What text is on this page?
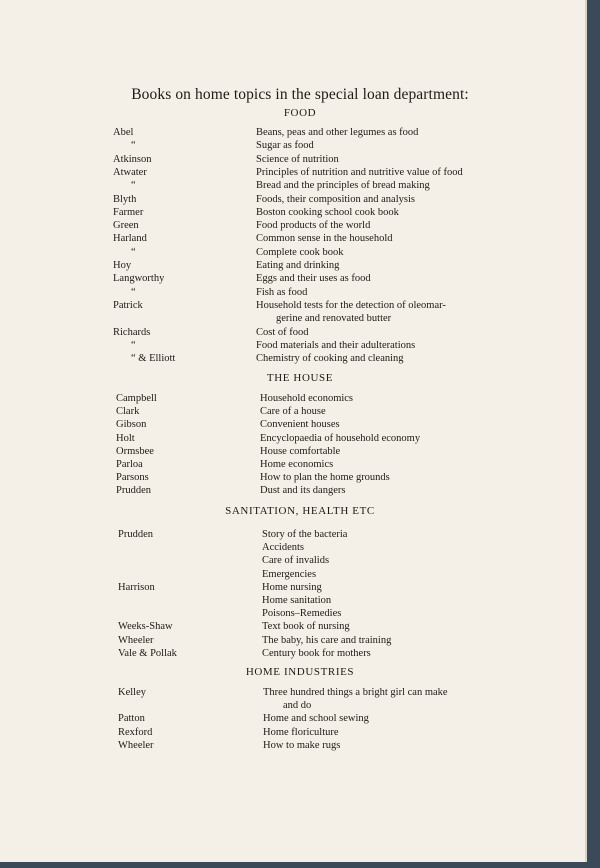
Books on home topics in the special loan department:
FOOD
Abel	Beans, peas and other legumes as food
“	Sugar as food
Atkinson	Science of nutrition
Atwater	Principles of nutrition and nutritive value of food
“	Bread and the principles of bread making
Blyth	Foods, their composition and analysis
Farmer	Boston cooking school cook book
Green	Food products of the world
Harland	Common sense in the household
“	Complete cook book
Hoy	Eating and drinking
Langworthy	Eggs and their uses as food
“	Fish as food
Patrick	Household tests for the detection of oleomar-
gerine and renovated butter
Richards	Cost of food
“	Food materials and their adulterations
“ & Elliott	Chemistry of cooking and cleaning
THE HOUSE
Campbell	Household economics
Clark	Care of a house
Gibson	Convenient houses
Holt	Encyclopaedia of household economy
Ormsbee	House comfortable
Parloa	Home economics
Parsons	How to plan the home grounds
Prudden	Dust and its dangers
SANITATION, HEALTH ETC
Prudden	Story of the bacteria
Accidents
Care of invalids
Emergencies
Harrison	Home nursing
Home sanitation
Poisons–Remedies
Weeks-Shaw	Text book of nursing
Wheeler	The baby, his care and training
Vale & Pollak	Century book for mothers
HOME INDUSTRIES
Kelley	Three hundred things a bright girl can make
and do
Patton	Home and school sewing
Rexford	Home floriculture
Wheeler	How to make rugs
